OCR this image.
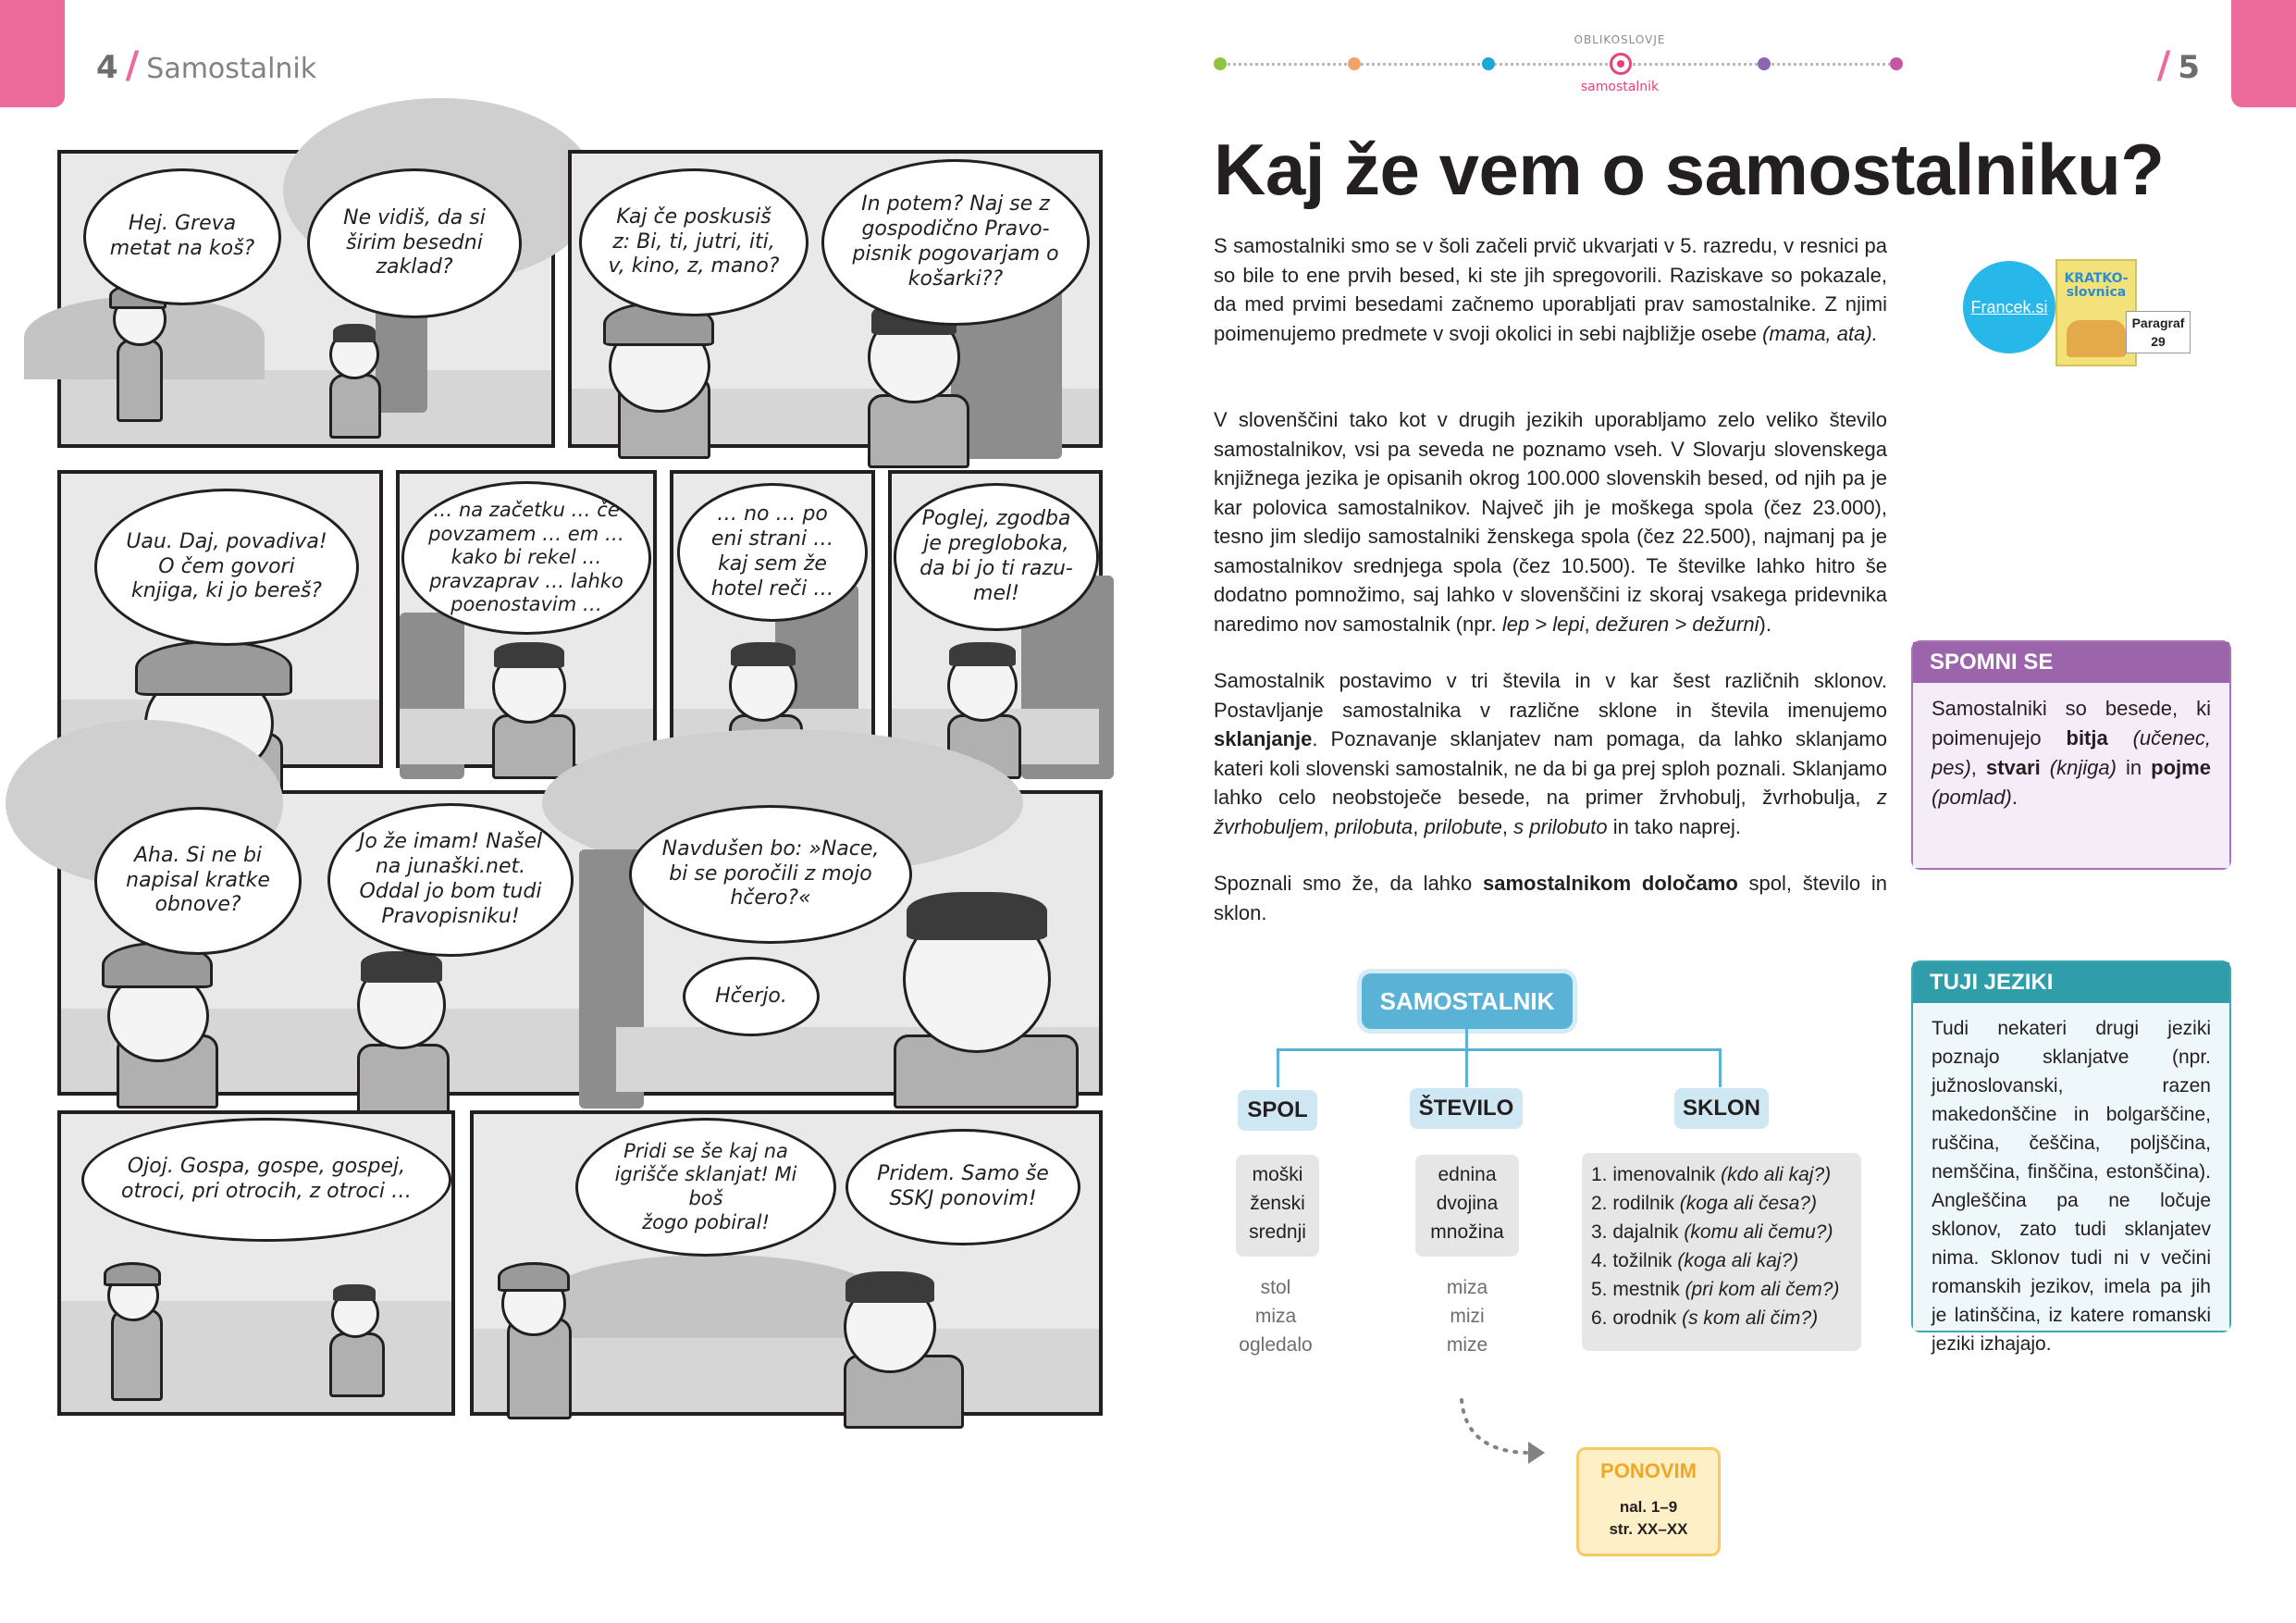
4 / Samostalnik	/ 5
OBLIKOSLOVJE
samostalnik
Hej. Greva
metat na koš?
Ne vidiš, da si
širim besedni
zaklad?
Kaj če poskusiš
z: Bi, ti, jutri, iti,
v, kino, z, mano?
In potem? Naj se z
gospodično Pravo-
pisnik pogovarjam o
košarki??
Uau. Daj, povadiva!
O čem govori
knjiga, ki jo bereš?
… na začetku … če
povzamem … em …
kako bi rekel …
pravzaprav … lahko
poenostavim …
… no … po
eni strani …
kaj sem že
hotel reči …
Poglej, zgodba
je pregloboka,
da bi jo ti razu-
mel!
Aha. Si ne bi
napisal kratke
obnove?
Jo že imam! Našel
na junaški.net.
Oddal jo bom tudi
Pravopisniku!
Navdušen bo: »Nace,
bi se poročili z mojo
hčero?«
Hčerjo.
Ojoj. Gospa, gospe, gospej,
otroci, pri otrocih, z otroci …
Pridi se še kaj na
igrišče sklanjat! Mi boš
žogo pobiral!
Pridem. Samo še
SSKJ ponovim!
Kaj že vem o samostalniku?

S samostalniki smo se v šoli začeli prvič ukvarjati v 5. razredu, v resnici pa so bile to ene prvih besed, ki ste jih spregovorili. Raziskave so pokazale, da med prvimi besedami začnemo uporabljati prav samostalnike. Z njimi poimenujemo predmete v svoji okolici in sebi najbližje osebe (mama, ata).

V slovenščini tako kot v drugih jezikih uporabljamo zelo veliko število samostalnikov, vsi pa seveda ne poznamo vseh. V Slovarju slovenskega knjižnega jezika je opisanih okrog 100.000 slovenskih besed, od njih pa je kar polovica samostalnikov. Največ jih je moškega spola (čez 23.000), tesno jim sledijo samostalniki ženskega spola (čez 22.500), najmanj pa je samostalnikov srednjega spola (čez 10.500). Te številke lahko hitro še dodatno pomnožimo, saj lahko v slovenščini iz skoraj vsakega pridevnika naredimo nov samostalnik (npr. lep > lepi, dežuren > dežurni).

Samostalnik postavimo v tri števila in v kar šest različnih sklonov. Postavljanje samostalnika v različne sklone in števila imenujemo sklanjanje. Poznavanje sklanjatev nam pomaga, da lahko sklanjamo kateri koli slovenski samostalnik, ne da bi ga prej sploh poznali. Sklanjamo lahko celo neobstoječe besede, na primer žrvhobulj, žvrhobulja, z žvrhobuljem, prilobuta, prilobute, s prilobuto in tako naprej.

Spoznali smo že, da lahko samostalnikom določamo spol, število in sklon.

Francek.si
KRATKO-
slovnica
Paragraf
29
SPOMNI SE
Samostalniki so besede, ki poimenujejo bitja (učenec, pes), stvari (knjiga) in pojme (pomlad).
TUJI JEZIKI
Tudi nekateri drugi jeziki poznajo sklanjatve (npr. južnoslovanski, razen makedonščine in bolgarščine, ruščina, češčina, poljščina, nemščina, finščina, estonščina). Angleščina pa ne ločuje sklonov, zato tudi sklanjatev nima. Sklonov tudi ni v večini romanskih jezikov, imela pa jih je latinščina, iz katere romanski jeziki izhajajo.
SAMOSTALNIK
SPOL	ŠTEVILO	SKLON
moški
ženski
srednji
stol
miza
ogledalo
ednina
dvojina
množina
miza
mizi
mize
1. imenovalnik (kdo ali kaj?)
2. rodilnik (koga ali česa?)
3. dajalnik (komu ali čemu?)
4. tožilnik (koga ali kaj?)
5. mestnik (pri kom ali čem?)
6. orodnik (s kom ali čim?)
PONOVIM
nal. 1–9
str. XX–XX
